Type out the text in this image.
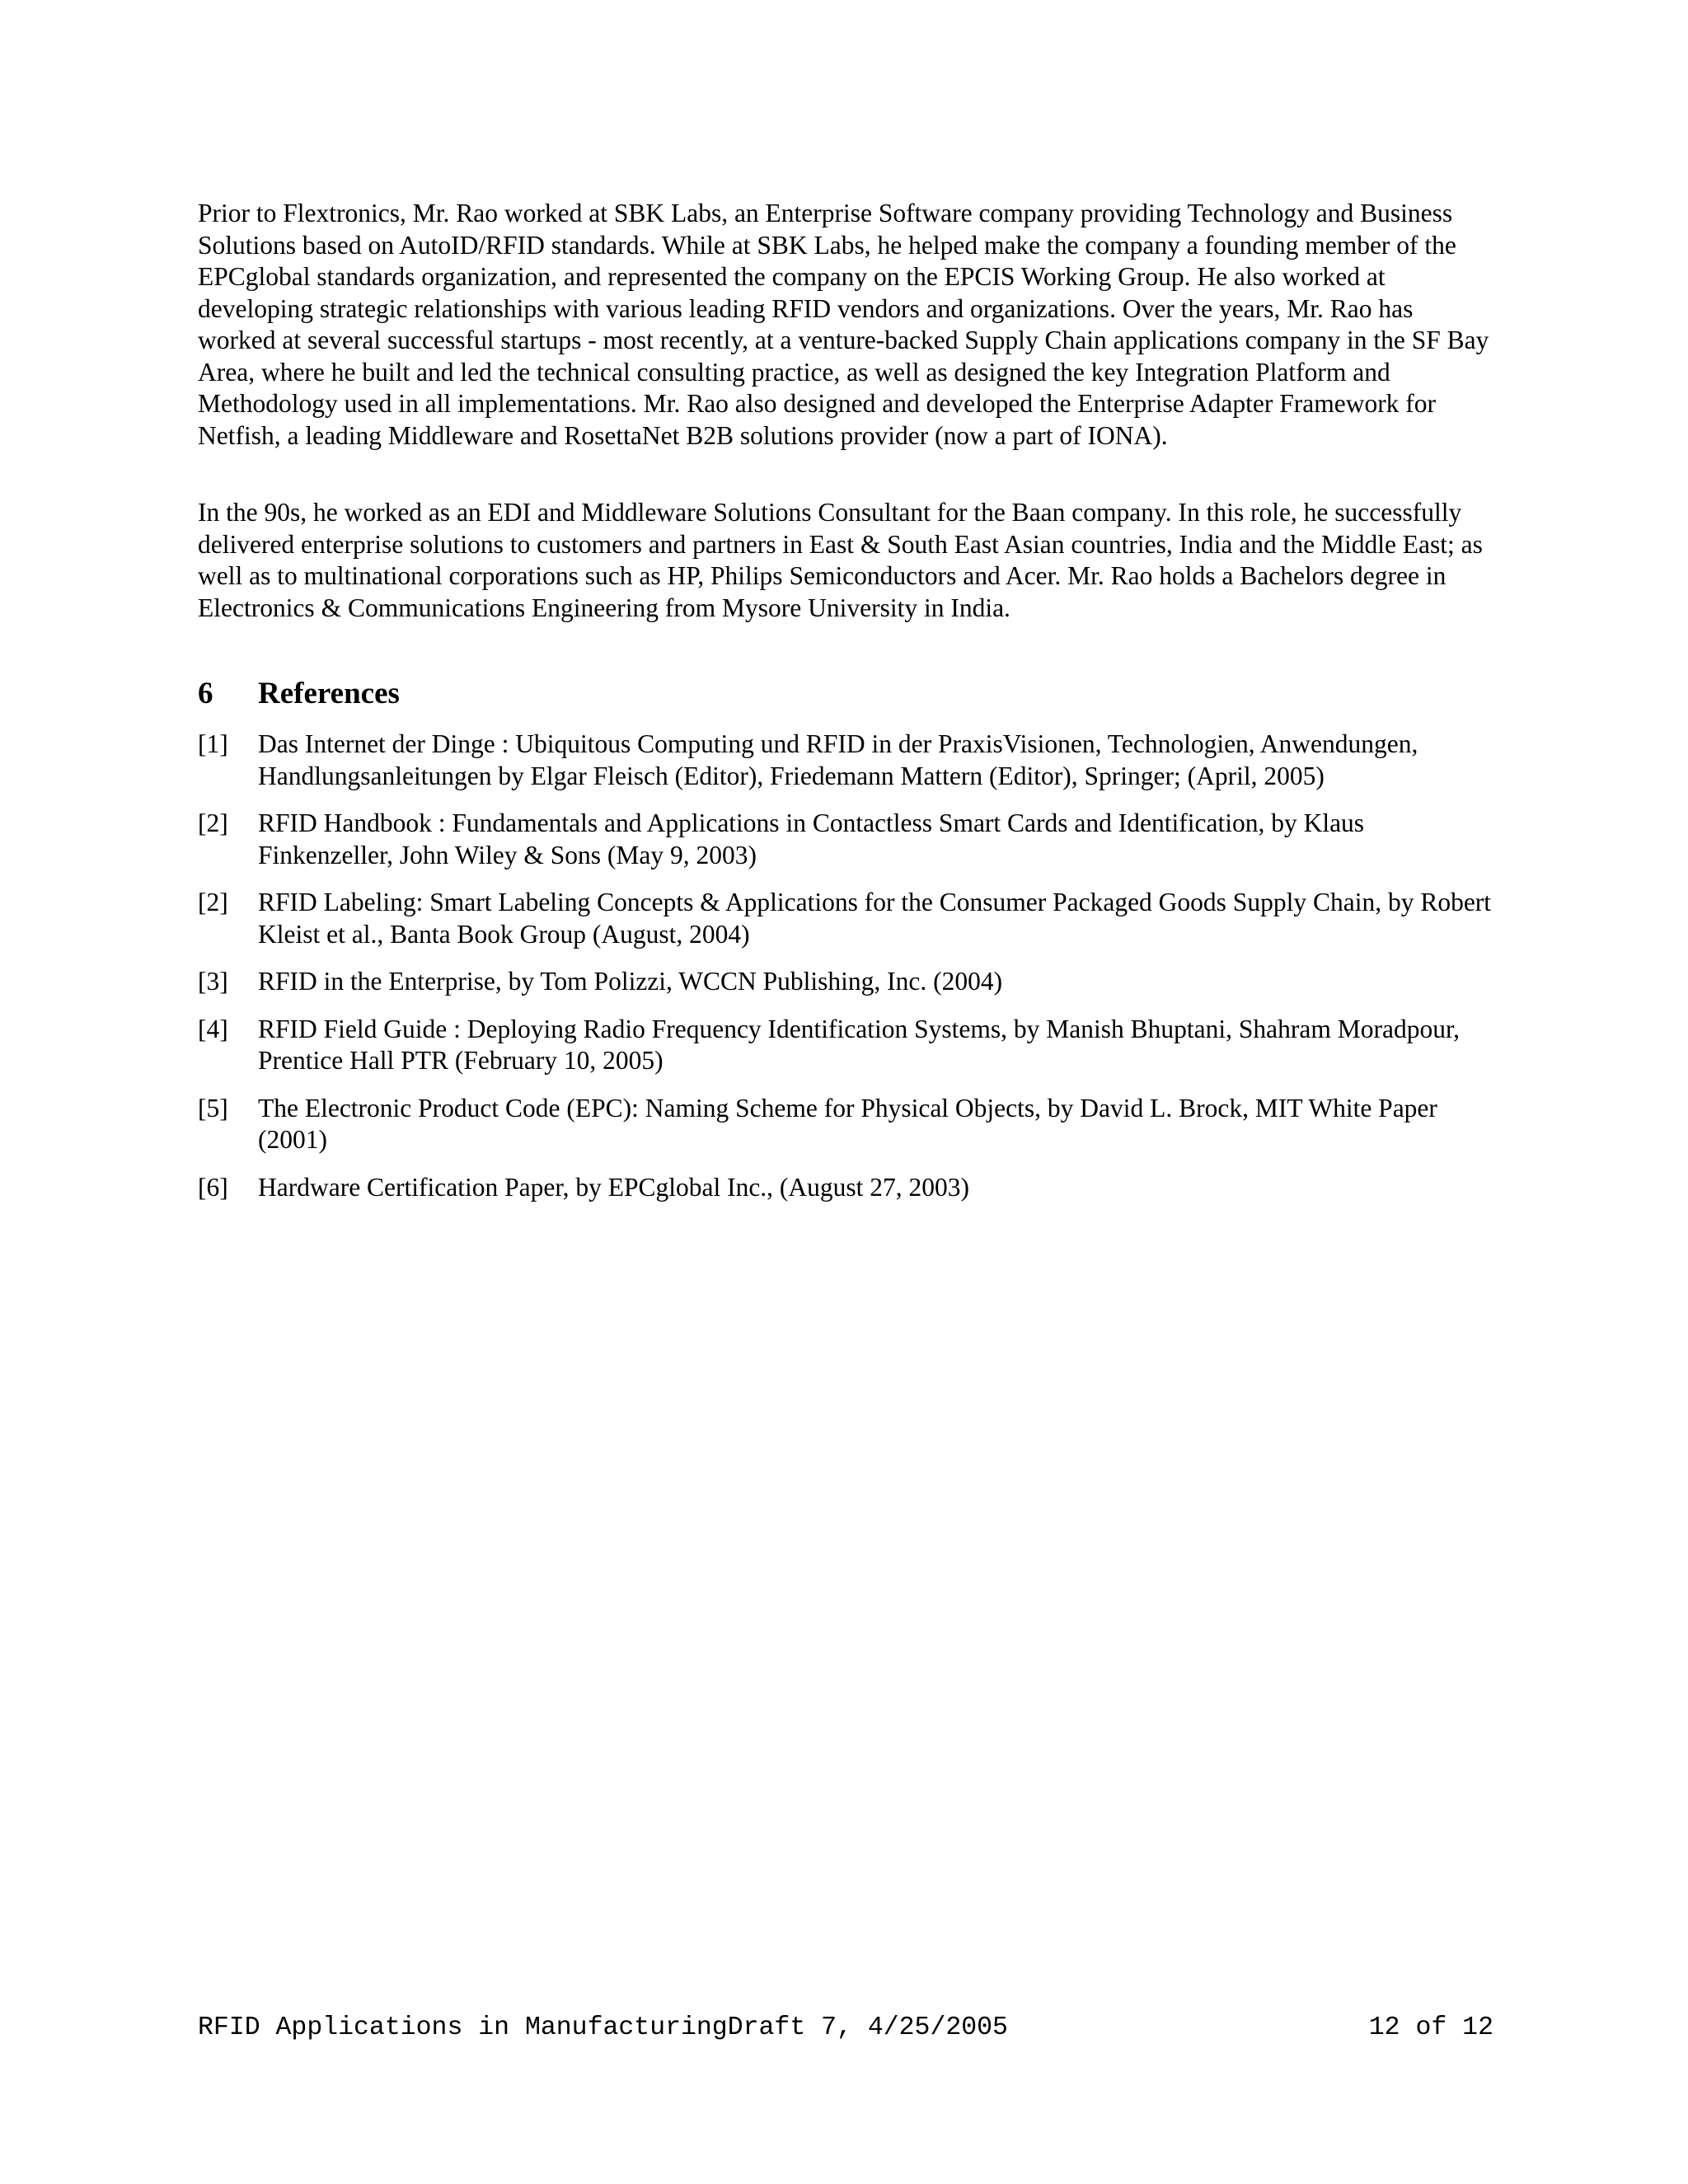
Prior to Flextronics, Mr. Rao worked at SBK Labs, an Enterprise Software company providing Technology and Business Solutions based on AutoID/RFID standards. While at SBK Labs, he helped make the company a founding member of the EPCglobal standards organization, and represented the company on the EPCIS Working Group. He also worked at developing strategic relationships with various leading RFID vendors and organizations. Over the years, Mr. Rao has worked at several successful startups - most recently, at a venture-backed Supply Chain applications company in the SF Bay Area, where he built and led the technical consulting practice, as well as designed the key Integration Platform and Methodology used in all implementations. Mr. Rao also designed and developed the Enterprise Adapter Framework for Netfish, a leading Middleware and RosettaNet B2B solutions provider (now a part of IONA).

In the 90s, he worked as an EDI and Middleware Solutions Consultant for the Baan company. In this role, he successfully delivered enterprise solutions to customers and partners in East & South East Asian countries, India and the Middle East; as well as to multinational corporations such as HP, Philips Semiconductors and Acer. Mr. Rao holds a Bachelors degree in Electronics & Communications Engineering from Mysore University in India.

6 References
[1]	Das Internet der Dinge : Ubiquitous Computing und RFID in der PraxisVisionen, Technologien, Anwendungen, Handlungsanleitungen by Elgar Fleisch (Editor), Friedemann Mattern (Editor), Springer; (April, 2005)
[2]	RFID Handbook : Fundamentals and Applications in Contactless Smart Cards and Identification, by Klaus Finkenzeller, John Wiley & Sons (May 9, 2003)
[2]	RFID Labeling: Smart Labeling Concepts & Applications for the Consumer Packaged Goods Supply Chain, by Robert Kleist et al., Banta Book Group (August, 2004)
[3]	RFID in the Enterprise, by Tom Polizzi, WCCN Publishing, Inc. (2004)
[4]	RFID Field Guide : Deploying Radio Frequency Identification Systems, by Manish Bhuptani, Shahram Moradpour, Prentice Hall PTR (February 10, 2005)
[5]	The Electronic Product Code (EPC): Naming Scheme for Physical Objects, by David L. Brock, MIT White Paper (2001)
[6]	Hardware Certification Paper, by EPCglobal Inc., (August 27, 2003)
RFID Applications in ManufacturingDraft 7, 4/25/2005	12 of 12
